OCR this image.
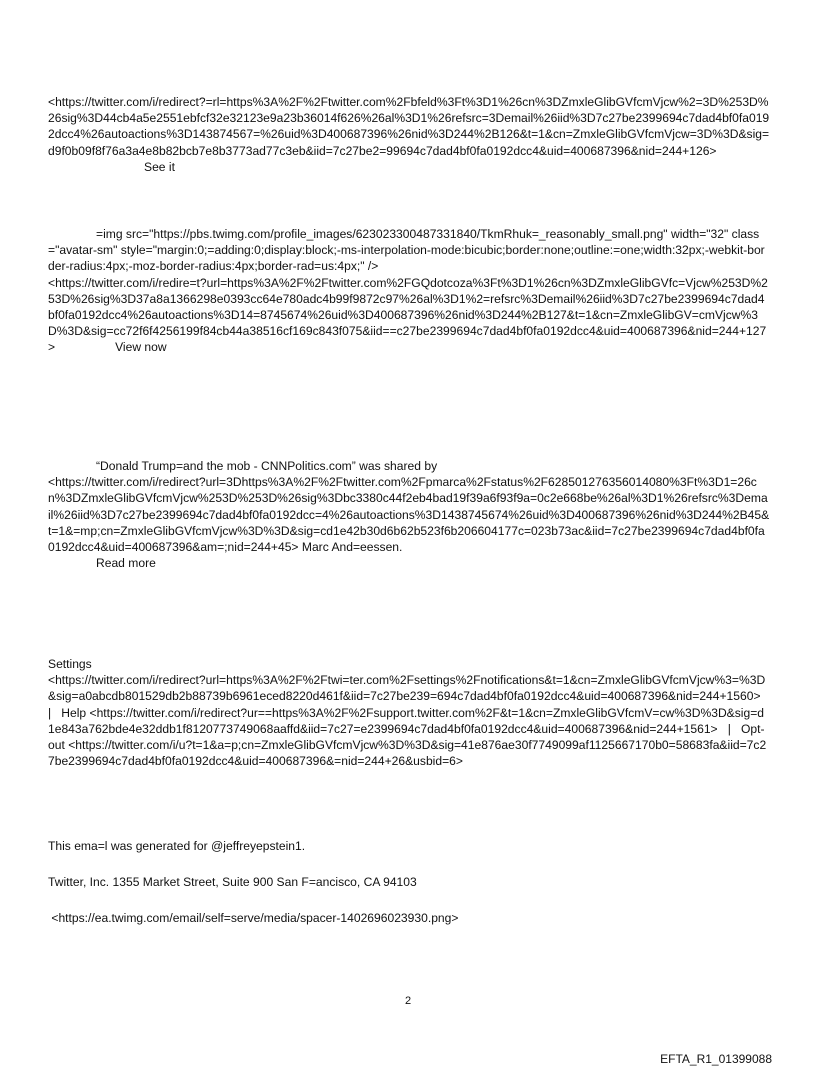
<https://twitter.com/i/redirect?=rl=https%3A%2F%2Ftwitter.com%2Fbfeld%3Ft%3D1%26cn%3DZmxleGlibGVfcmVjcw%2=3D%253D%26sig%3D44cb4a5e2551ebfcf32e32123e9a23b36014f626%26al%3D1%26refsrc=3Demail%26iid%3D7c27be2399694c7dad4bf0fa0192dcc4%26autoactions%3D143874567=%26uid%3D400687396%26nid%3D244%2B126&t=1&cn=ZmxleGlibGVfcmVjcw=3D%3D&sig=d9f0b09f8f76a3a4e8b82bcb7e8b3773ad77c3eb&iid=7c27be2=99694c7dad4bf0fa0192dcc4&uid=400687396&nid=244+126>See it

=img src="https://pbs.twimg.com/profile_images/623023300487331840/TkmRhuk=_reasonably_small.png" width="32" class="avatar-sm" style="margin:0;=adding:0;display:block;-ms-interpolation-mode:bicubic;border:none;outline:=one;width:32px;-webkit-border-radius:4px;-moz-border-radius:4px;border-rad=us:4px;" />

<https://twitter.com/i/redire=t?url=https%3A%2F%2Ftwitter.com%2FGQdotcoza%3Ft%3D1%26cn%3DZmxleGlibGVfc=Vjcw%253D%253D%26sig%3D37a8a1366298e0393cc64e780adc4b99f9872c97%26al%3D1%2=refsrc%3Demail%26iid%3D7c27be2399694c7dad4bf0fa0192dcc4%26autoactions%3D14=8745674%26uid%3D400687396%26nid%3D244%2B127&t=1&cn=ZmxleGlibGV=cmVjcw%3D%3D&sig=cc72f6f4256199f84cb44a38516cf169c843f075&iid==c27be2399694c7dad4bf0fa0192dcc4&uid=400687396&nid=244+127>	View now

“Donald Trump=and the mob - CNNPolitics.com” was shared by

<https://twitter.com/i/redirect?url=3Dhttps%3A%2F%2Ftwitter.com%2Fpmarca%2Fstatus%2F628501276356014080%3Ft%3D1=26cn%3DZmxleGlibGVfcmVjcw%253D%253D%26sig%3Dbc3380c44f2eb4bad19f39a6f93f9a=0c2e668be%26al%3D1%26refsrc%3Demail%26iid%3D7c27be2399694c7dad4bf0fa0192dcc=4%26autoactions%3D1438745674%26uid%3D400687396%26nid%3D244%2B45&t=1&=mp;cn=ZmxleGlibGVfcmVjcw%3D%3D&sig=cd1e42b30d6b62b523f6b206604177c=023b73ac&iid=7c27be2399694c7dad4bf0fa0192dcc4&uid=400687396&am=;nid=244+45> Marc And=eessen.

Read more

Settings

<https://twitter.com/i/redirect?url=https%3A%2F%2Ftwi=ter.com%2Fsettings%2Fnotifications&t=1&cn=ZmxleGlibGVfcmVjcw%3=%3D&sig=a0abcdb801529db2b88739b6961eced8220d461f&iid=7c27be239=694c7dad4bf0fa0192dcc4&uid=400687396&nid=244+1560>   | Help <https://twitter.com/i/redirect?ur==https%3A%2F%2Fsupport.twitter.com%2F&t=1&cn=ZmxleGlibGVfcmV=cw%3D%3D&sig=d1e843a762bde4e32ddb1f8120773749068aaffd&iid=7c27=e2399694c7dad4bf0fa0192dcc4&uid=400687396&nid=244+1561> | Opt-out <https://twitter.com/i/u?t=1&a=p;cn=ZmxleGlibGVfcmVjcw%3D%3D&sig=41e876ae30f7749099af1125667170b0=58683fa&iid=7c27be2399694c7dad4bf0fa0192dcc4&uid=400687396&=nid=244+26&usbid=6>

This ema=l was generated for @jeffreyepstein1.

Twitter, Inc. 1355 Market Street, Suite 900 San F=ancisco, CA 94103

<https://ea.twimg.com/email/self=serve/media/spacer-1402696023930.png>

2
EFTA_R1_01399088
